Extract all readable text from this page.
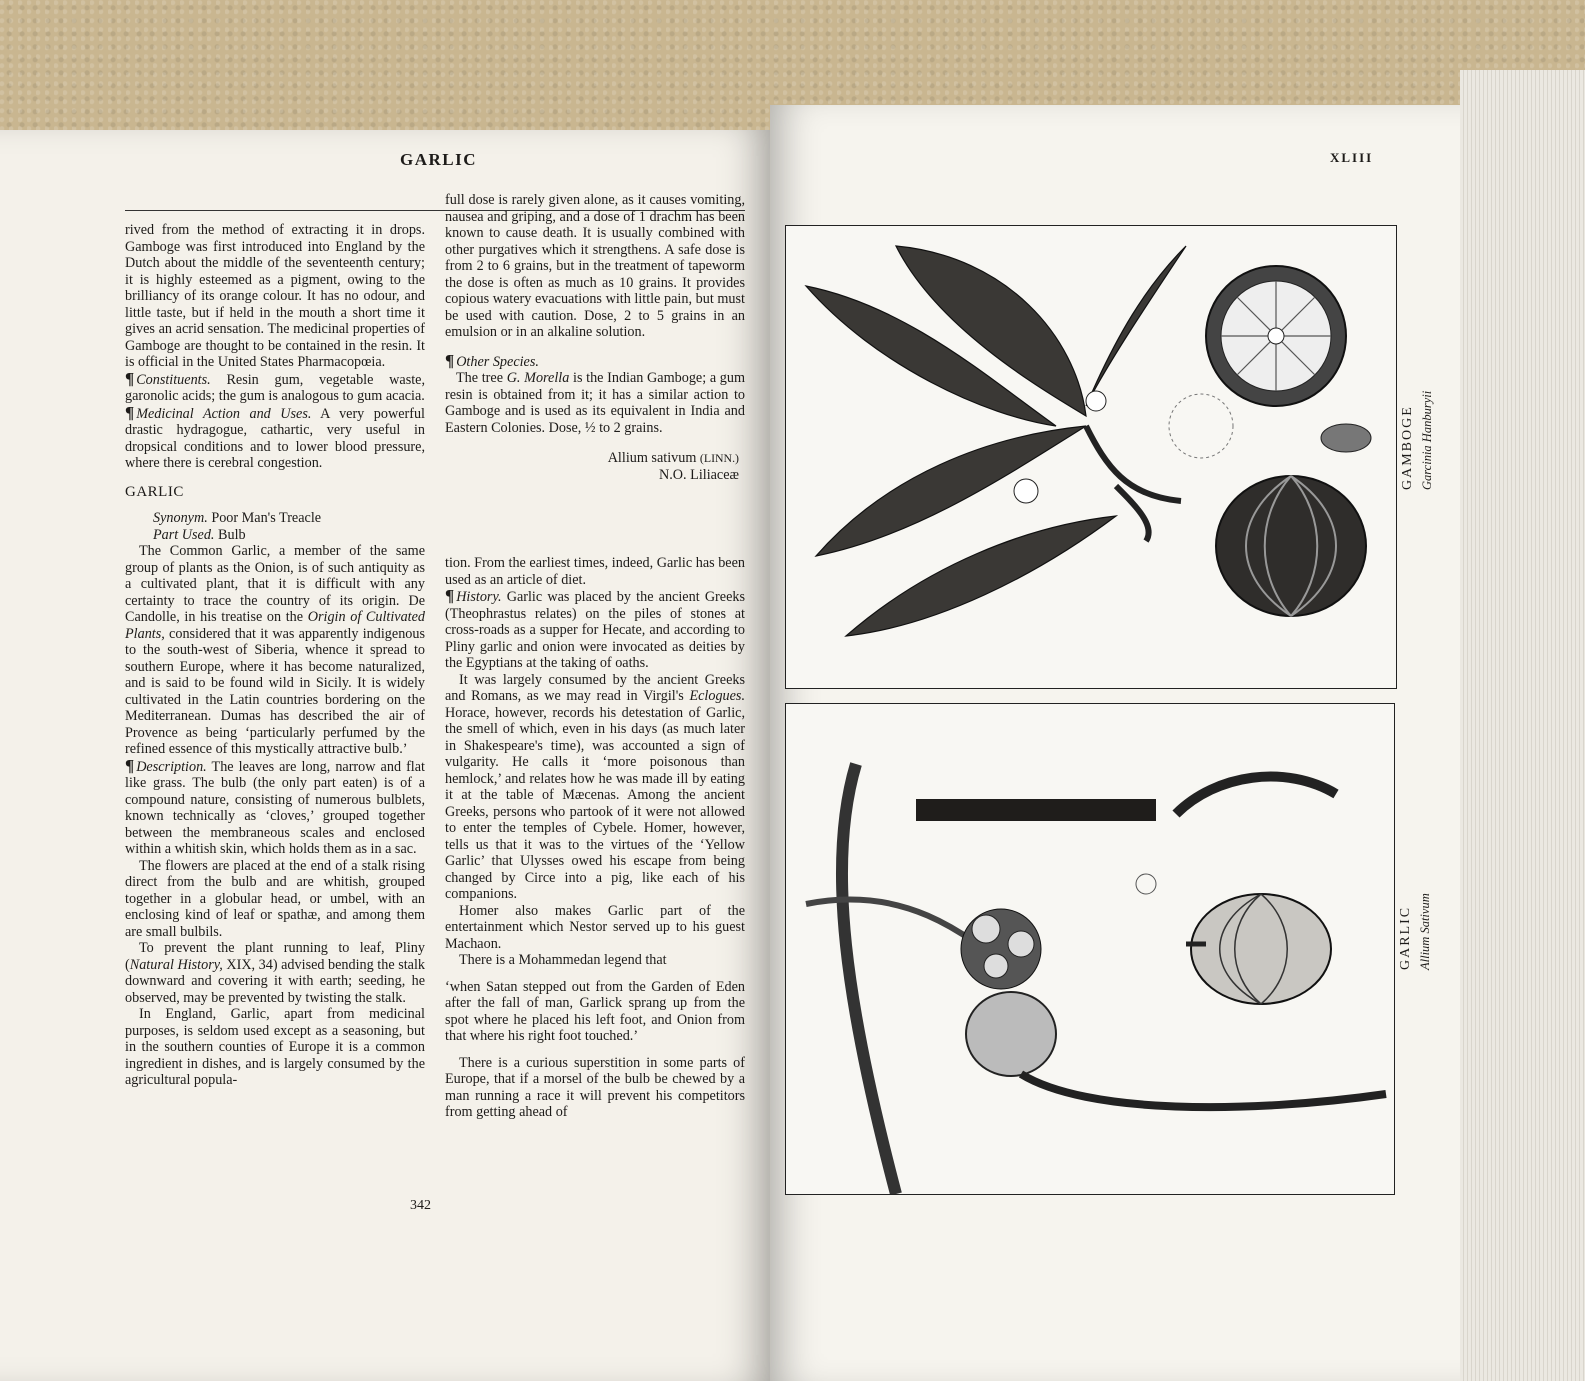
GARLIC	XLIII

rived from the method of extracting it in drops. Gamboge was first introduced into England by the Dutch about the middle of the seventeenth century; it is highly esteemed as a pigment, owing to the brilliancy of its orange colour. It has no odour, and little taste, but if held in the mouth a short time it gives an acrid sensation. The medicinal properties of Gamboge are thought to be contained in the resin. It is official in the United States Pharmacopœia.

¶ Constituents. Resin gum, vegetable waste, garonolic acids; the gum is analogous to gum acacia.

¶ Medicinal Action and Uses. A very powerful drastic hydragogue, cathartic, very useful in dropsical conditions and to lower blood pressure, where there is cerebral congestion.

GARLIC
Synonym. Poor Man's Treacle
Part Used. Bulb

The Common Garlic, a member of the same group of plants as the Onion, is of such antiquity as a cultivated plant, that it is difficult with any certainty to trace the country of its origin. De Candolle, in his treatise on the Origin of Cultivated Plants, considered that it was apparently indigenous to the south-west of Siberia, whence it spread to southern Europe, where it has become naturalized, and is said to be found wild in Sicily. It is widely cultivated in the Latin countries bordering on the Mediterranean. Dumas has described the air of Provence as being ‘particularly perfumed by the refined essence of this mystically attractive bulb.’

¶ Description. The leaves are long, narrow and flat like grass. The bulb (the only part eaten) is of a compound nature, consisting of numerous bulblets, known technically as ‘cloves,’ grouped together between the membraneous scales and enclosed within a whitish skin, which holds them as in a sac.

The flowers are placed at the end of a stalk rising direct from the bulb and are whitish, grouped together in a globular head, or umbel, with an enclosing kind of leaf or spathæ, and among them are small bulbils.

To prevent the plant running to leaf, Pliny (Natural History, XIX, 34) advised bending the stalk downward and covering it with earth; seeding, he observed, may be prevented by twisting the stalk.

In England, Garlic, apart from medicinal purposes, is seldom used except as a seasoning, but in the southern counties of Europe it is a common ingredient in dishes, and is largely consumed by the agricultural popula-

full dose is rarely given alone, as it causes vomiting, nausea and griping, and a dose of 1 drachm has been known to cause death. It is usually combined with other purgatives which it strengthens. A safe dose is from 2 to 6 grains, but in the treatment of tapeworm the dose is often as much as 10 grains. It provides copious watery evacuations with little pain, but must be used with caution. Dose, 2 to 5 grains in an emulsion or in an alkaline solution.

¶ Other Species.
The tree G. Morella is the Indian Gamboge; a gum resin is obtained from it; it has a similar action to Gamboge and is used as its equivalent in India and Eastern Colonies. Dose, ½ to 2 grains.

Allium sativum (LINN.)
N.O. Liliaceæ

tion. From the earliest times, indeed, Garlic has been used as an article of diet.

¶ History. Garlic was placed by the ancient Greeks (Theophrastus relates) on the piles of stones at cross-roads as a supper for Hecate, and according to Pliny garlic and onion were invocated as deities by the Egyptians at the taking of oaths.

It was largely consumed by the ancient Greeks and Romans, as we may read in Virgil's Eclogues. Horace, however, records his detestation of Garlic, the smell of which, even in his days (as much later in Shakespeare's time), was accounted a sign of vulgarity. He calls it ‘more poisonous than hemlock,’ and relates how he was made ill by eating it at the table of Mæcenas. Among the ancient Greeks, persons who partook of it were not allowed to enter the temples of Cybele. Homer, however, tells us that it was to the virtues of the ‘Yellow Garlic’ that Ulysses owed his escape from being changed by Circe into a pig, like each of his companions.

Homer also makes Garlic part of the entertainment which Nestor served up to his guest Machaon.

There is a Mohammedan legend that

‘when Satan stepped out from the Garden of Eden after the fall of man, Garlick sprang up from the spot where he placed his left foot, and Onion from that where his right foot touched.’

There is a curious superstition in some parts of Europe, that if a morsel of the bulb be chewed by a man running a race it will prevent his competitors from getting ahead of

342
GAMBOGE Garcinia Hanburyii
GARLIC Allium Sativum
